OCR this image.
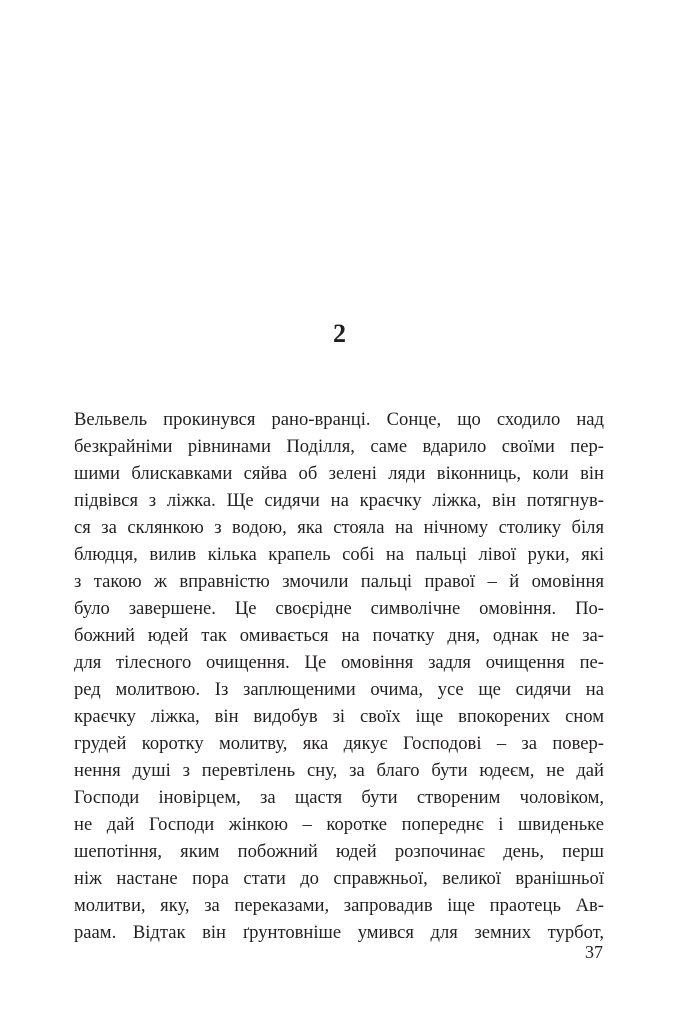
2
Вельвель прокинувся рано-вранці. Сонце, що сходило над
безкрайніми рівнинами Поділля, саме вдарило своїми пер-
шими блискавками сяйва об зелені ляди віконниць, коли він
підвівся з ліжка. Ще сидячи на краєчку ліжка, він потягнув-
ся за склянкою з водою, яка стояла на нічному столику біля
блюдця, вилив кілька крапель собі на пальці лівої руки, які
з такою ж вправністю змочили пальці правої – й омовіння
було завершене. Це своєрідне символічне омовіння. По-
божний юдей так омивається на початку дня, однак не за-
для тілесного очищення. Це омовіння задля очищення пе-
ред молитвою. Із заплющеними очима, усе ще сидячи на
краєчку ліжка, він видобув зі своїх іще впокорених сном
грудей коротку молитву, яка дякує Господові – за повер-
нення душі з перевтілень сну, за благо бути юдеєм, не дай
Господи іновірцем, за щастя бути створеним чоловіком,
не дай Господи жінкою – коротке попереднє і швиденьке
шепотіння, яким побожний юдей розпочинає день, перш
ніж настане пора стати до справжньої, великої вранішньої
молитви, яку, за переказами, запровадив іще праотець Ав-
раам. Відтак він ґрунтовніше умився для земних турбот,
37
